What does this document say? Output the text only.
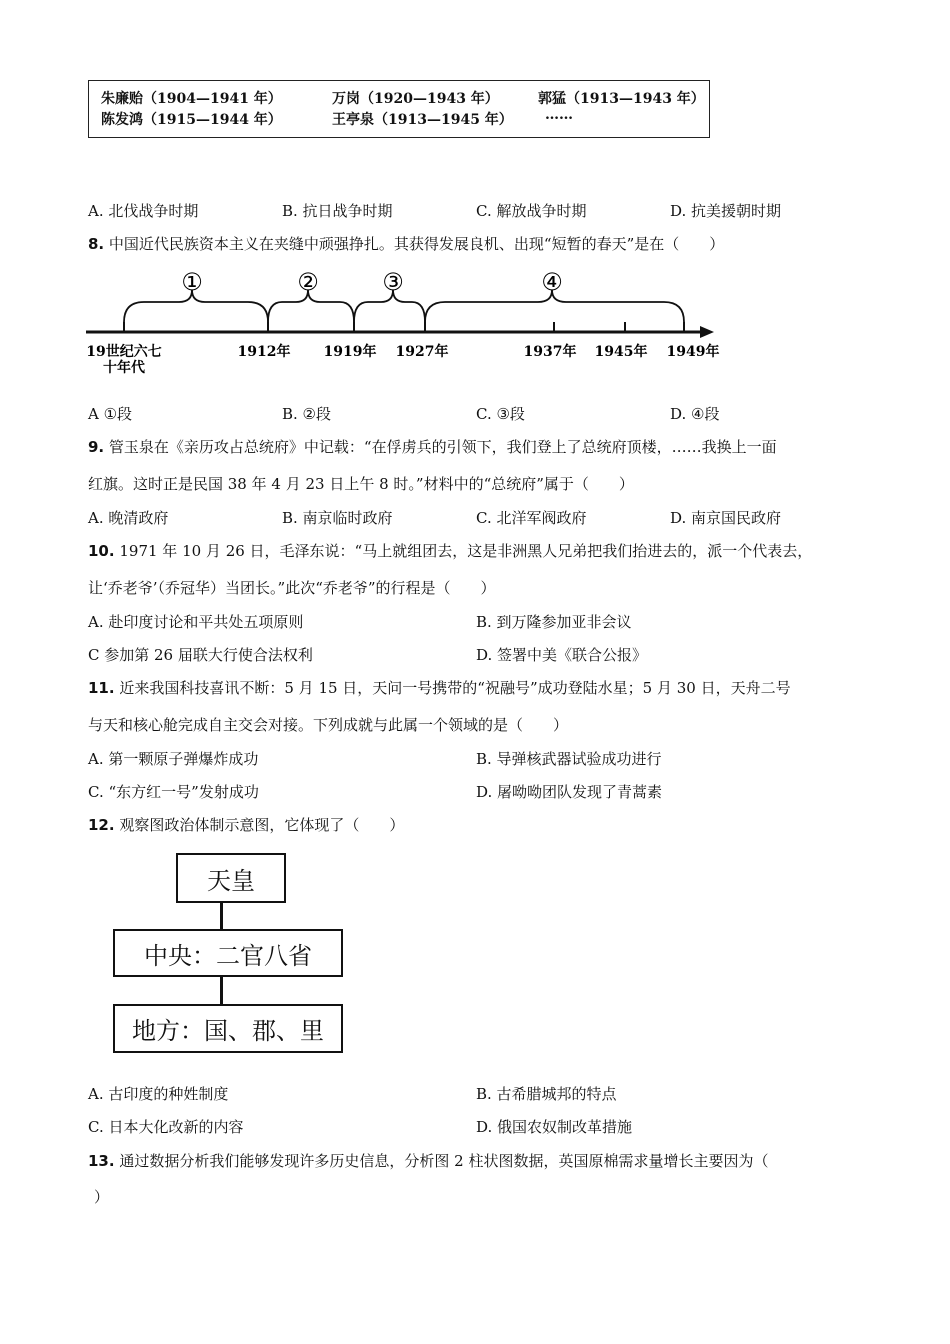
朱廉贻（1904—1941 年）	万岗（1920—1943 年）	郭猛（1913—1943 年）
陈发鸿（1915—1944 年）	王亭泉（1913—1945 年） ……
A. 北伐战争时期	B. 抗日战争时期	C. 解放战争时期	D. 抗美援朝时期
8. 中国近代民族资本主义在夹缝中顽强挣扎。其获得发展良机、出现“短暂的春天”是在（　　）
①	②	③	④
19世纪六七十年代
1912年 1919年 1927年	1937年 1945年 1949年
A ①段	B. ②段	C. ③段	D. ④段
9. 管玉泉在《亲历攻占总统府》中记载：“在俘虏兵的引领下，我们登上了总统府顶楼，……我换上一面
红旗。这时正是民国 38 年 4 月 23 日上午 8 时。”材料中的“总统府”属于（　　）
A. 晚清政府	B. 南京临时政府	C. 北洋军阀政府	D. 南京国民政府
10. 1971 年 10 月 26 日，毛泽东说：“马上就组团去，这是非洲黑人兄弟把我们抬进去的，派一个代表去，
让‘乔老爷’（乔冠华）当团长。”此次“乔老爷”的行程是（　　）
A. 赴印度讨论和平共处五项原则	B. 到万隆参加亚非会议
C 参加第 26 届联大行使合法权利	D. 签署中美《联合公报》
11. 近来我国科技喜讯不断：5 月 15 日，天问一号携带的“祝融号”成功登陆水星；5 月 30 日，天舟二号
与天和核心舱完成自主交会对接。下列成就与此属一个领域的是（　　）
A. 第一颗原子弹爆炸成功	B. 导弹核武器试验成功进行
C. “东方红一号”发射成功	D. 屠呦呦团队发现了青蒿素
12. 观察图政治体制示意图，它体现了（　　）
天皇
中央：二官八省
地方：国、郡、里
A. 古印度的种姓制度	B. 古希腊城邦的特点
C. 日本大化改新的内容	D. 俄国农奴制改革措施
13. 通过数据分析我们能够发现许多历史信息，分析图 2 柱状图数据，英国原棉需求量增长主要因为（
）
